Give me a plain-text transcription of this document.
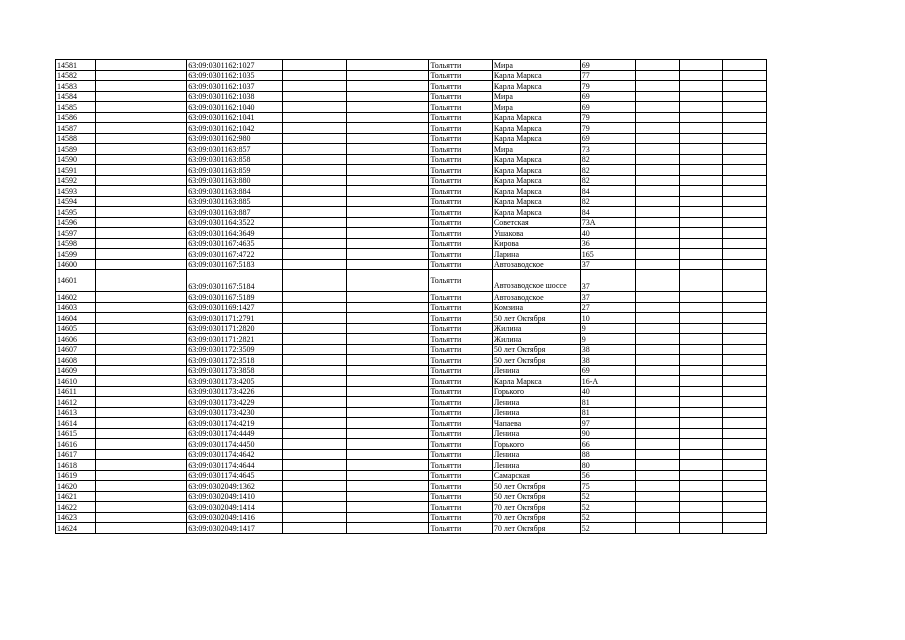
14581		63:09:0301162:1027			Тольятти	Мира	69			
14582		63:09:0301162:1035			Тольятти	Карла Маркса	77			
14583		63:09:0301162:1037			Тольятти	Карла Маркса	79			
14584		63:09:0301162:1038			Тольятти	Мира	69			
14585		63:09:0301162:1040			Тольятти	Мира	69			
14586		63:09:0301162:1041			Тольятти	Карла Маркса	79			
14587		63:09:0301162:1042			Тольятти	Карла Маркса	79			
14588		63:09:0301162:980			Тольятти	Карла Маркса	69			
14589		63:09:0301163:857			Тольятти	Мира	73			
14590		63:09:0301163:858			Тольятти	Карла Маркса	82			
14591		63:09:0301163:859			Тольятти	Карла Маркса	82			
14592		63:09:0301163:880			Тольятти	Карла Маркса	82			
14593		63:09:0301163:884			Тольятти	Карла Маркса	84			
14594		63:09:0301163:885			Тольятти	Карла Маркса	82			
14595		63:09:0301163:887			Тольятти	Карла Маркса	84			
14596		63:09:0301164:3522			Тольятти	Советская	73А			
14597		63:09:0301164:3649			Тольятти	Ушакова	40			
14598		63:09:0301167:4635			Тольятти	Кирова	36			
14599		63:09:0301167:4722			Тольятти	Ларина	165			
14600		63:09:0301167:5183			Тольятти	Автозаводское	37			
14601		63:09:0301167:5184			Тольятти	Автозаводское шоссе	37			
14602		63:09:0301167:5189			Тольятти	Автозаводское	37			
14603		63:09:0301169:1427			Тольятти	Комзина	27			
14604		63:09:0301171:2791			Тольятти	50 лет Октября	10			
14605		63:09:0301171:2820			Тольятти	Жилина	9			
14606		63:09:0301171:2821			Тольятти	Жилина	9			
14607		63:09:0301172:3509			Тольятти	50 лет Октября	38			
14608		63:09:0301172:3518			Тольятти	50 лет Октября	38			
14609		63:09:0301173:3858			Тольятти	Ленина	69			
14610		63:09:0301173:4205			Тольятти	Карла Маркса	16-А			
14611		63:09:0301173:4226			Тольятти	Горького	40			
14612		63:09:0301173:4229			Тольятти	Ленина	81			
14613		63:09:0301173:4230			Тольятти	Ленина	81			
14614		63:09:0301174:4219			Тольятти	Чапаева	97			
14615		63:09:0301174:4449			Тольятти	Ленина	90			
14616		63:09:0301174:4450			Тольятти	Горького	66			
14617		63:09:0301174:4642			Тольятти	Ленина	88			
14618		63:09:0301174:4644			Тольятти	Ленина	80			
14619		63:09:0301174:4645			Тольятти	Самарская	56			
14620		63:09:0302049:1362			Тольятти	50 лет Октября	75			
14621		63:09:0302049:1410			Тольятти	50 лет Октября	52			
14622		63:09:0302049:1414			Тольятти	70 лет Октября	52			
14623		63:09:0302049:1416			Тольятти	70 лет Октября	52			
14624		63:09:0302049:1417			Тольятти	70 лет Октября	52			
